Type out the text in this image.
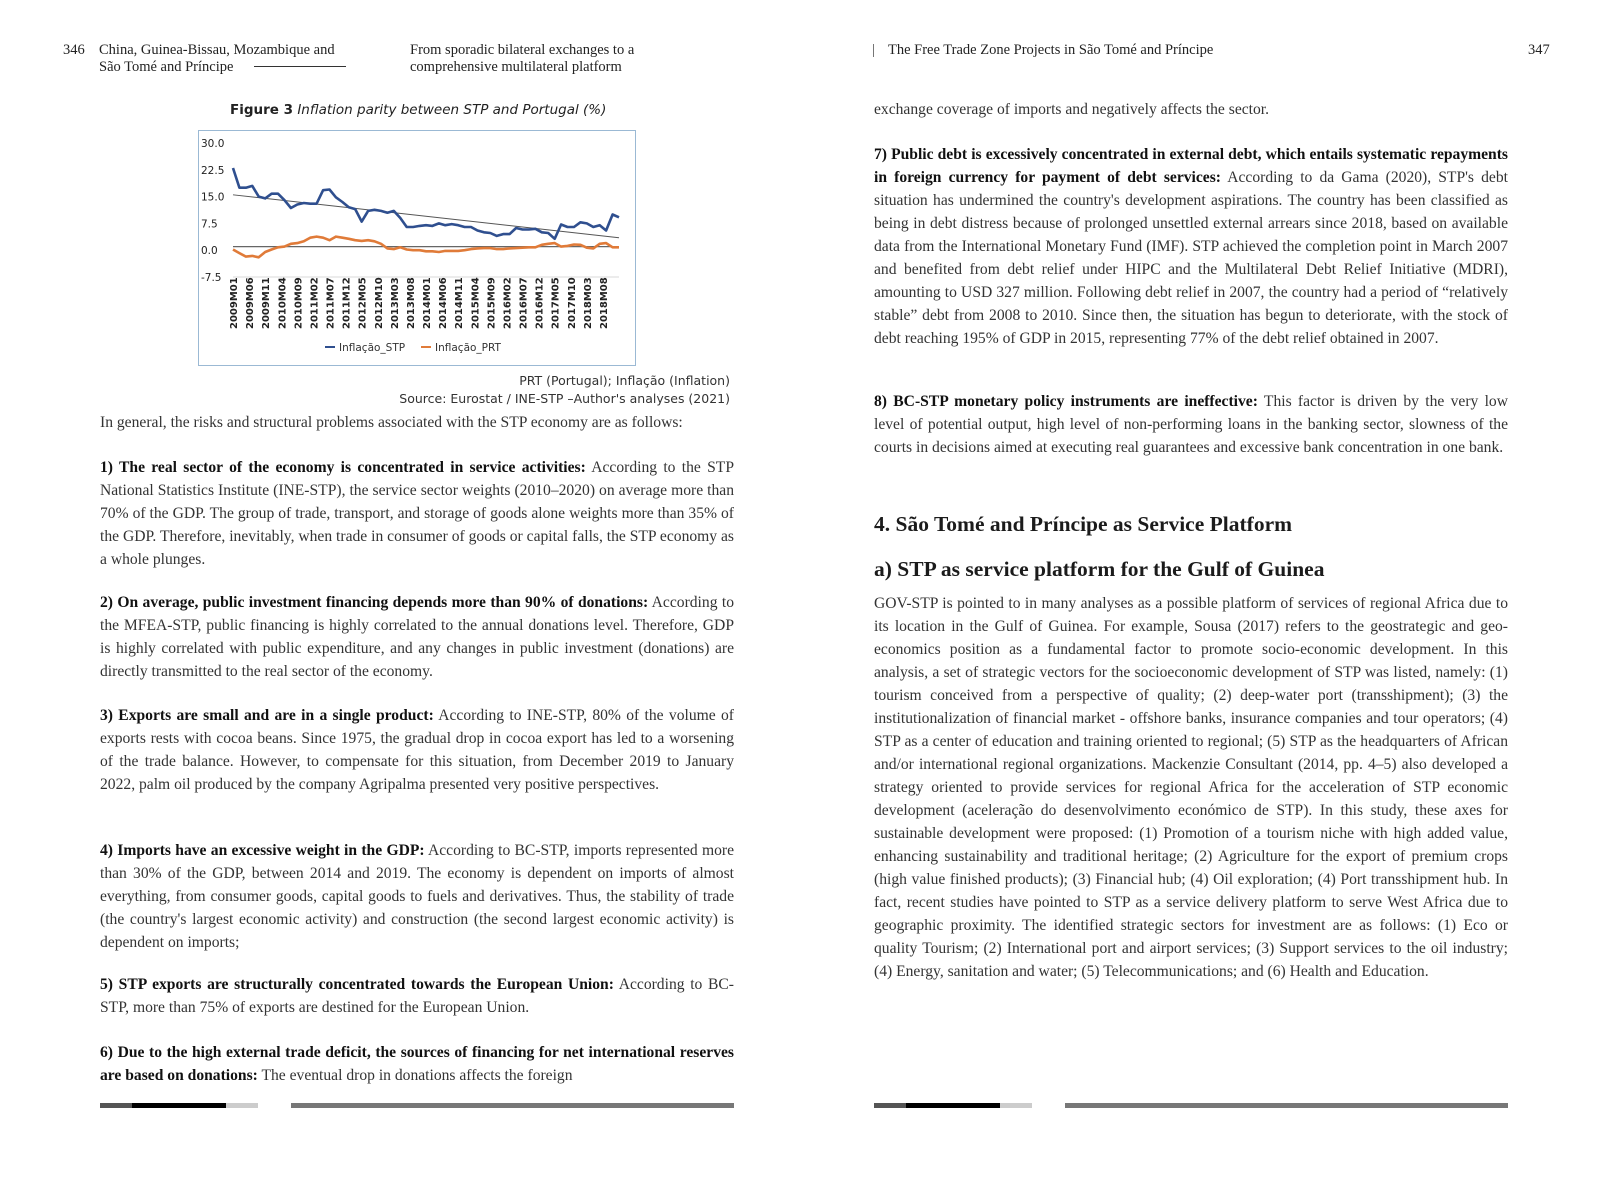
346 China, Guinea-Bissau, Mozambique and São Tomé and Príncipe
From sporadic bilateral exchanges to a comprehensive multilateral platform
Figure 3 Inflation parity between STP and Portugal (%)
30.0
22.5
15.0
7.5
0.0
-7.5 2009M01 2009M06 2009M11 2010M04 2010M09 2011M02 2011M07 2011M12 2012M05 2012M10 2013M03 2013M08 2014M01 2014M06 2014M11 2015M04 2015M09 2016M02 2016M07 2016M12 2017M05 2017M10 2018M03 2018M08
Inflação_STP	Inflação_PRT
PRT (Portugal); Inflação (Inflation)
Source: Eurostat / INE-STP –Author's analyses (2021)

In general, the risks and structural problems associated with the STP economy are as follows:

1) The real sector of the economy is concentrated in service activities: According to the STP National Statistics Institute (INE-STP), the service sector weights (2010–2020) on average more than 70% of the GDP. The group of trade, transport, and storage of goods alone weights more than 35% of the GDP. Therefore, inevitably, when trade in consumer of goods or capital falls, the STP economy as a whole plunges.

2) On average, public investment financing depends more than 90% of donations: According to the MFEA-STP, public financing is highly correlated to the annual donations level. Therefore, GDP is highly correlated with public expenditure, and any changes in public investment (donations) are directly transmitted to the real sector of the economy.

3) Exports are small and are in a single product: According to INE-STP, 80% of the volume of exports rests with cocoa beans. Since 1975, the gradual drop in cocoa export has led to a worsening of the trade balance. However, to compensate for this situation, from December 2019 to January 2022, palm oil produced by the company Agripalma presented very positive perspectives.

4) Imports have an excessive weight in the GDP: According to BC-STP, imports represented more than 30% of the GDP, between 2014 and 2019. The economy is dependent on imports of almost everything, from consumer goods, capital goods to fuels and derivatives. Thus, the stability of trade (the country's largest economic activity) and construction (the second largest economic activity) is dependent on imports;

5) STP exports are structurally concentrated towards the European Union: According to BC-STP, more than 75% of exports are destined for the European Union.

6) Due to the high external trade deficit, the sources of financing for net international reserves are based on donations: The eventual drop in donations affects the foreign

| The Free Trade Zone Projects in São Tomé and Príncipe	347

exchange coverage of imports and negatively affects the sector.

7) Public debt is excessively concentrated in external debt, which entails systematic repayments in foreign currency for payment of debt services: According to da Gama (2020), STP's debt situation has undermined the country's development aspirations. The country has been classified as being in debt distress because of prolonged unsettled external arrears since 2018, based on available data from the International Monetary Fund (IMF). STP achieved the completion point in March 2007 and benefited from debt relief under HIPC and the Multilateral Debt Relief Initiative (MDRI), amounting to USD 327 million. Following debt relief in 2007, the country had a period of “relatively stable” debt from 2008 to 2010. Since then, the situation has begun to deteriorate, with the stock of debt reaching 195% of GDP in 2015, representing 77% of the debt relief obtained in 2007.

8) BC-STP monetary policy instruments are ineffective: This factor is driven by the very low level of potential output, high level of non-performing loans in the banking sector, slowness of the courts in decisions aimed at executing real guarantees and excessive bank concentration in one bank.

4. São Tomé and Príncipe as Service Platform
a) STP as service platform for the Gulf of Guinea

GOV-STP is pointed to in many analyses as a possible platform of services of regional Africa due to its location in the Gulf of Guinea. For example, Sousa (2017) refers to the geostrategic and geo-economics position as a fundamental factor to promote socio-economic development. In this analysis, a set of strategic vectors for the socioeconomic development of STP was listed, namely: (1) tourism conceived from a perspective of quality; (2) deep-water port (transshipment); (3) the institutionalization of financial market - offshore banks, insurance companies and tour operators; (4) STP as a center of education and training oriented to regional; (5) STP as the headquarters of African and/or international regional organizations. Mackenzie Consultant (2014, pp. 4–5) also developed a strategy oriented to provide services for regional Africa for the acceleration of STP economic development (aceleração do desenvolvimento económico de STP). In this study, these axes for sustainable development were proposed: (1) Promotion of a tourism niche with high added value, enhancing sustainability and traditional heritage; (2) Agriculture for the export of premium crops (high value finished products); (3) Financial hub; (4) Oil exploration; (4) Port transshipment hub. In fact, recent studies have pointed to STP as a service delivery platform to serve West Africa due to geographic proximity. The identified strategic sectors for investment are as follows: (1) Eco or quality Tourism; (2) International port and airport services; (3) Support services to the oil industry; (4) Energy, sanitation and water; (5) Telecommunications; and (6) Health and Education.
